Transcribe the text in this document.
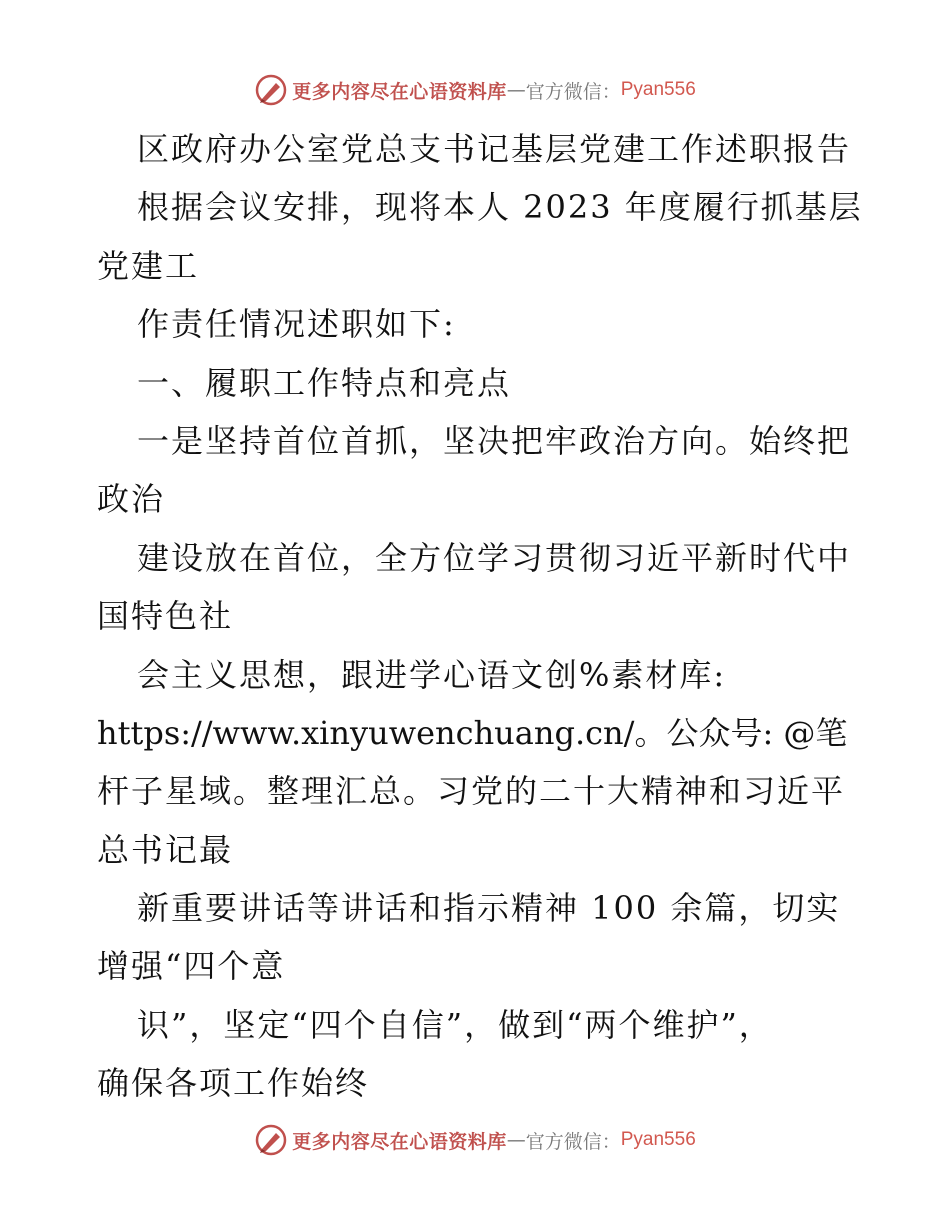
更多内容尽在心语资料库 — 官方微信： Pyan556
区政府办公室党总支书记基层党建工作述职报告
根据会议安排，现将本人 2023 年度履行抓基层
党建工
作责任情况述职如下:
一、履职工作特点和亮点
一是坚持首位首抓，坚决把牢政治方向。始终把
政治
建设放在首位，全方位学习贯彻习近平新时代中
国特色社
会主义思想，跟进学心语文创%素材库:
https://www.xinyuwenchuang.cn/。公众号: @笔
杆子星域。整理汇总。习党的二十大精神和习近平
总书记最
新重要讲话等讲话和指示精神 100 余篇，切实
增强“四个意
识”，坚定“四个自信”，做到“两个维护”，
确保各项工作始终
更多内容尽在心语资料库 — 官方微信： Pyan556
